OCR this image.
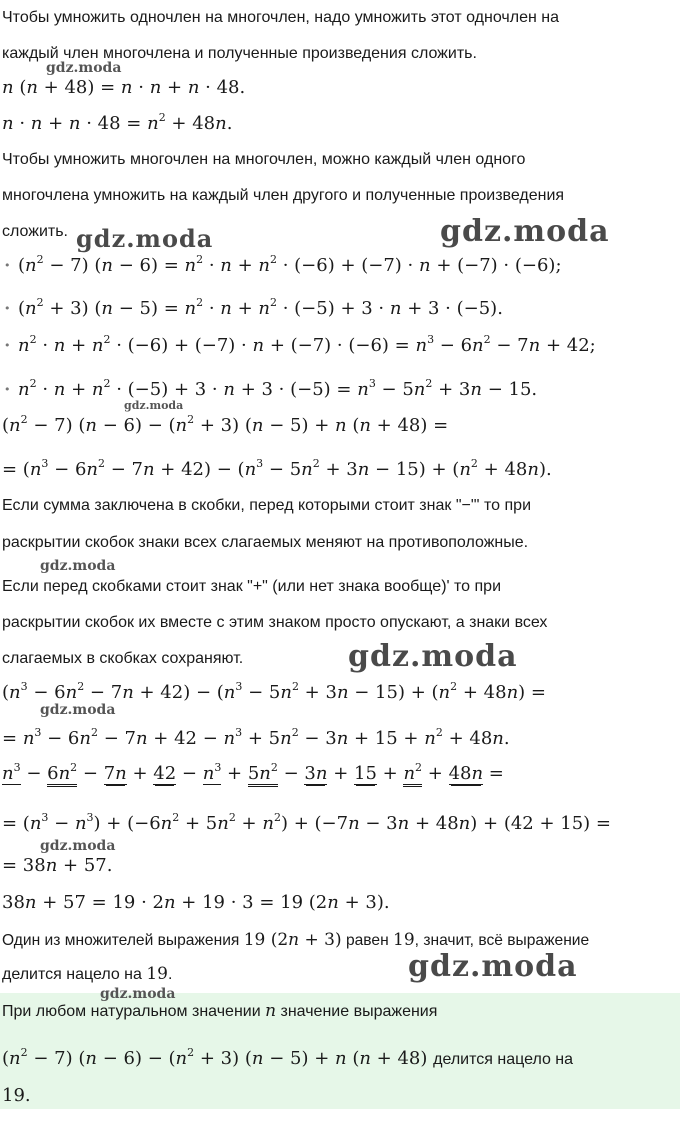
Чтобы умножить одночлен на многочлен, надо умножить этот одночлен на
каждый член многочлена и полученные произведения сложить.
n (n + 48) = n · n + n · 48.
$n \cdot n + n \cdot 48 = n^2 + 48n$.
Чтобы умножить многочлен на многочлен, можно каждый член одного
многочлена умножить на каждый член другого и полученные произведения
сложить.
• $(n^2 - 7) (n - 6) = n^2 \cdot n + n^2 \cdot (-6) + (-7) \cdot n + (-7) \cdot (-6)$;
• $(n^2 + 3) (n - 5) = n^2 \cdot n + n^2 \cdot (-5) + 3 \cdot n + 3 \cdot (-5)$.
• $n^2 \cdot n + n^2 \cdot (-6) + (-7) \cdot n + (-7) \cdot (-6) = n^3 - 6n^2 - 7n + 42$;
• $n^2 \cdot n + n^2 \cdot (-5) + 3 \cdot n + 3 \cdot (-5) = n^3 - 5n^2 + 3n - 15$.
$(n^2 - 7) (n - 6) - (n^2 + 3) (n - 5) + n$ (n + 48) =
= $(n^3 - 6n^2 - 7n + 42) - (n^3 - 5n^2 + 3n - 15) + (n^2 + 48n)$.
Если сумма заключена в скобки, перед которыми стоит знак "−"' то при
раскрытии скобок знаки всех слагаемых меняют на противоположные.
Если перед скобками стоит знак "+" (или нет знака вообще)' то при
раскрытии скобок их вместе с этим знаком просто опускают, а знаки всех
слагаемых в скобках сохраняют.
$(n^3 - 6n^2 - 7n + 42) - (n^3 - 5n^2 + 3n - 15) + (n^2 + 48n)$ =
= $n^3 - 6n^2 - 7n + 42 - n^3 + 5n^2 - 3n + 15 + n^2 + 48n$.
$n^3 - 6n^2 - 7n + 42 - n^3 + 5n^2 - 3n + 15 + n^2 + 48n$ =
= $(n^3 - n^3) + (-6n^2 + 5n^2 + n^2) + (-7n - 3n + 48n) + (42 + 15)$ =
= 38n + 57.
38n + 57 = 19 · 2n + 19 · 3 = 19 (2n + 3).
Один из множителей выражения 19 (2n + 3) равен 19, значит, всё выражение
делится нацело на 19.
При любом натуральном значении n значение выражения
$(n^2 - 7) (n - 6) - (n^2 + 3) (n - 5) + n$ (n + 48) делится нацело на
19.
gdz.moda
gdz.moda	gdz.moda
gdz.moda
gdz.moda
gdz.moda
gdz.moda
gdz.moda
gdz.moda
gdz.moda
